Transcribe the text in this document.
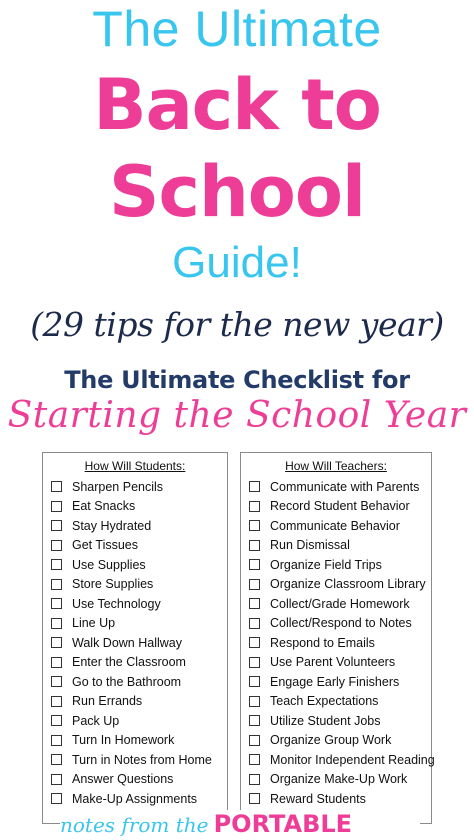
The Ultimate
Back to
School
Guide!
(29 tips for the new year)
The Ultimate Checklist for
Starting the School Year
How Will Students:
Sharpen Pencils
Eat Snacks
Stay Hydrated
Get Tissues
Use Supplies
Store Supplies
Use Technology
Line Up
Walk Down Hallway
Enter the Classroom
Go to the Bathroom
Run Errands
Pack Up
Turn In Homework
Turn in Notes from Home
Answer Questions
Make-Up Assignments
How Will Teachers:
Communicate with Parents
Record Student Behavior
Communicate Behavior
Run Dismissal
Organize Field Trips
Organize Classroom Library
Collect/Grade Homework
Collect/Respond to Notes
Respond to Emails
Use Parent Volunteers
Engage Early Finishers
Teach Expectations
Utilize Student Jobs
Organize Group Work
Monitor Independent Reading
Organize Make-Up Work
Reward Students
notes from the PORTABLE
